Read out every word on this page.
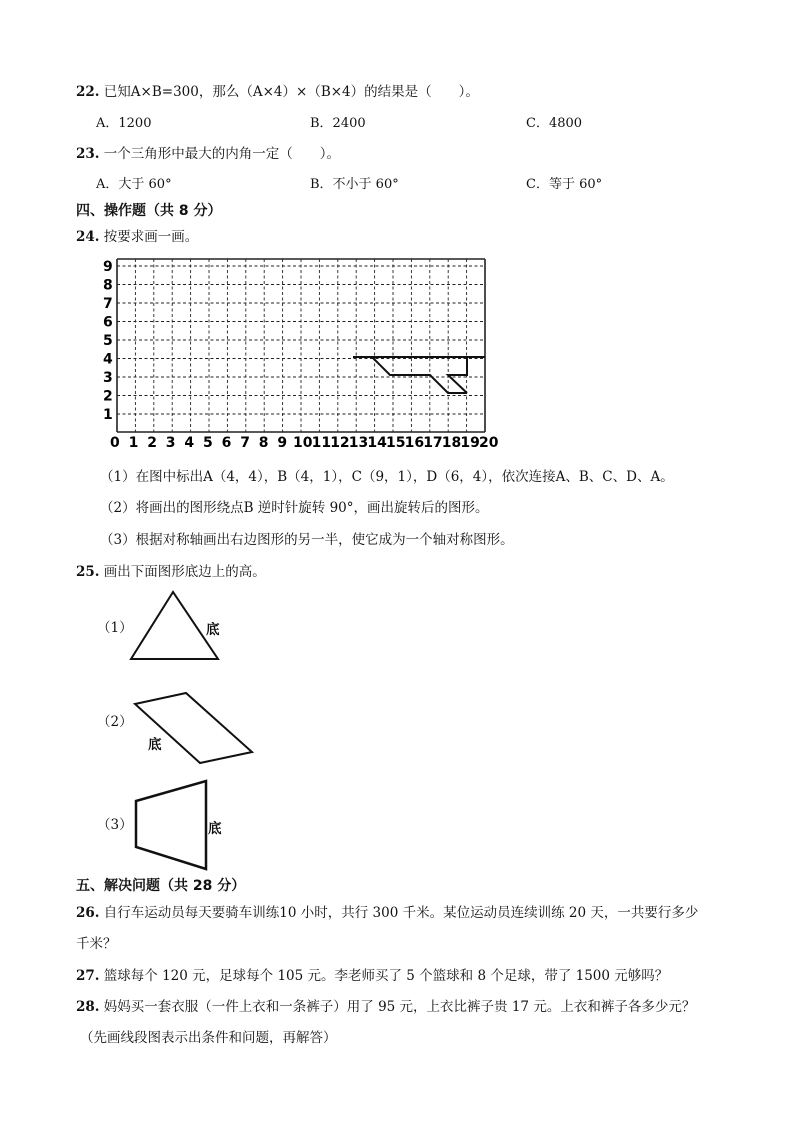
22. 已知A×B=300，那么（A×4）×（B×4）的结果是（　　）。
A．1200	B．2400	C．4800
23. 一个三角形中最大的内角一定（　　）。
A．大于 60°	B．不小于 60°	C．等于 60°
四、操作题（共 8 分）
24. 按要求画一画。
1
2
3
4
5
6
7
8
9
0 1 2 3 4 5 6 7 8 9 10 11 12 13 14 15 16 17 18 19 20
（1）在图中标出A（4，4），B（4，1），C（9，1），D（6，4），依次连接A、B、C、D、A。
（2）将画出的图形绕点B 逆时针旋转 90°，画出旋转后的图形。
（3）根据对称轴画出右边图形的另一半，使它成为一个轴对称图形。
25. 画出下面图形底边上的高。
（1）	底
（2）
底
（3）	底
五、解决问题（共 28 分）
26. 自行车运动员每天要骑车训练10 小时，共行 300 千米。某位运动员连续训练 20 天，一共要行多少
千米？
27. 篮球每个 120 元，足球每个 105 元。李老师买了 5 个篮球和 8 个足球，带了 1500 元够吗？
28. 妈妈买一套衣服（一件上衣和一条裤子）用了 95 元，上衣比裤子贵 17 元。上衣和裤子各多少元？
（先画线段图表示出条件和问题，再解答）
